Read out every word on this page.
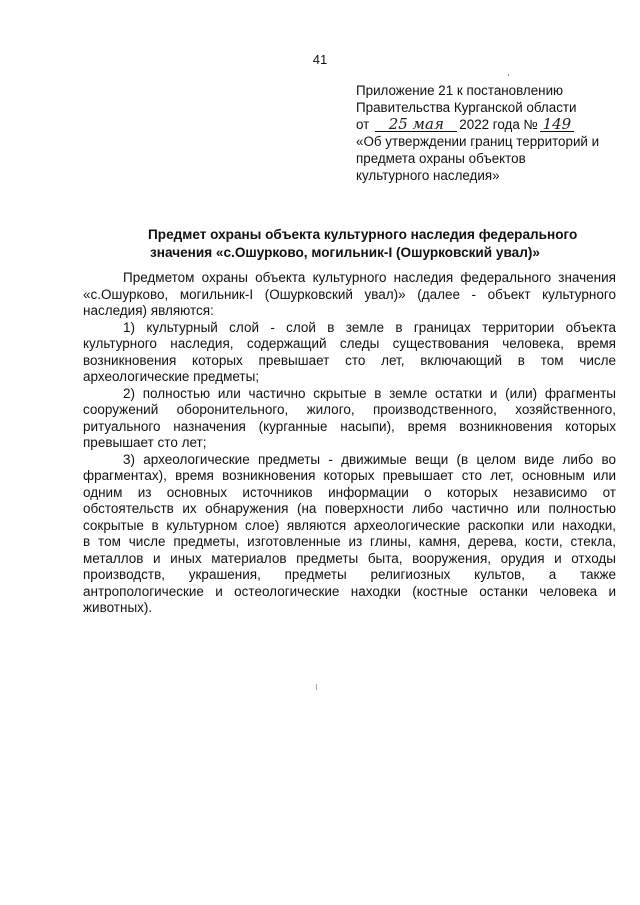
41
Приложение 21 к постановлению
Правительства Курганской области
от 25 мая 2022 года № 149
«Об утверждении границ территорий и
предмета охраны объектов
культурного наследия»
Предмет охраны объекта культурного наследия федерального
значения «с.Ошурково, могильник-I (Ошурковский увал)»
Предметом охраны объекта культурного наследия федерального значения
«с.Ошурково, могильник-I (Ошурковский увал)» (далее - объект культурного
наследия) являются:
1) культурный слой - слой в земле в границах территории объекта
культурного наследия, содержащий следы существования человека, время
возникновения которых превышает сто лет, включающий в том числе
археологические предметы;
2) полностью или частично скрытые в земле остатки и (или) фрагменты
сооружений оборонительного, жилого, производственного, хозяйственного,
ритуального назначения (курганные насыпи), время возникновения которых
превышает сто лет;
3) археологические предметы - движимые вещи (в целом виде либо во
фрагментах), время возникновения которых превышает сто лет, основным или
одним из основных источников информации о которых независимо от
обстоятельств их обнаружения (на поверхности либо частично или полностью
сокрытые в культурном слое) являются археологические раскопки или находки,
в том числе предметы, изготовленные из глины, камня, дерева, кости, стекла,
металлов и иных материалов предметы быта, вооружения, орудия и отходы
производств, украшения, предметы религиозных культов, а также
антропологические и остеологические находки (костные останки человека и
животных).
